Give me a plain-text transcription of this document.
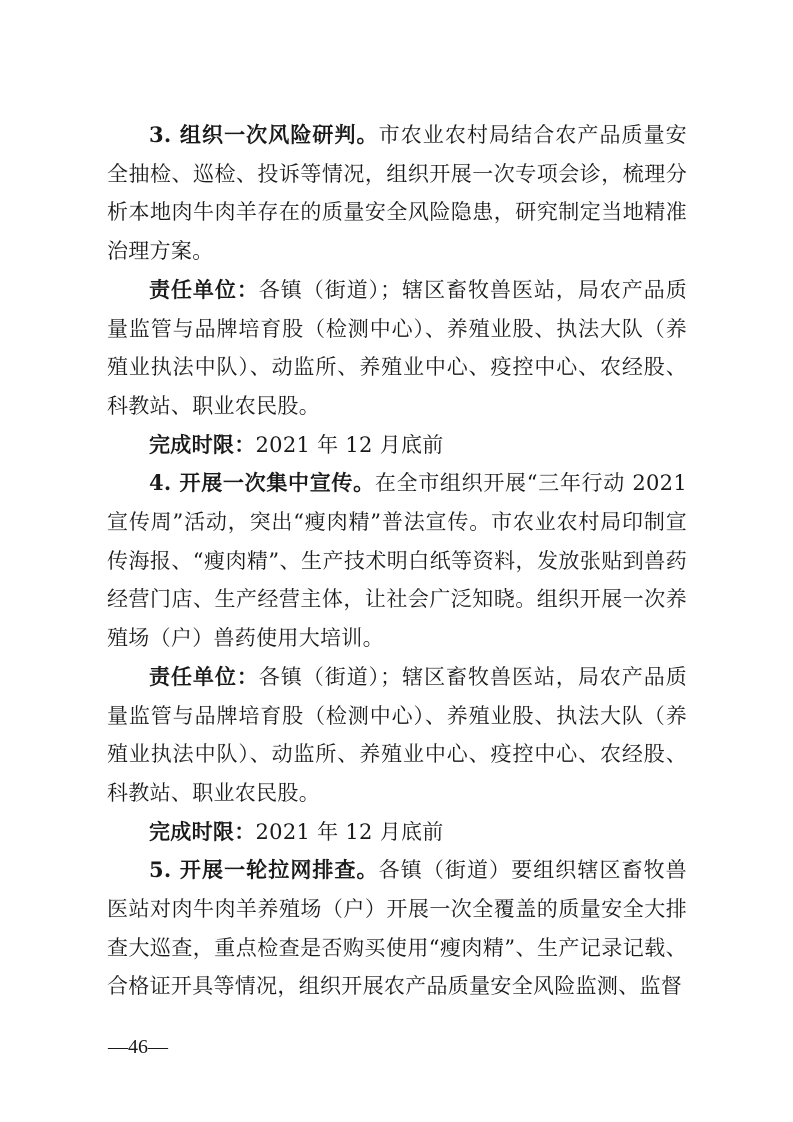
3. 组织一次风险研判。市农业农村局结合农产品质量安全抽检、巡检、投诉等情况，组织开展一次专项会诊，梳理分析本地肉牛肉羊存在的质量安全风险隐患，研究制定当地精准治理方案。

责任单位：各镇（街道）；辖区畜牧兽医站，局农产品质量监管与品牌培育股（检测中心）、养殖业股、执法大队（养殖业执法中队）、动监所、养殖业中心、疫控中心、农经股、科教站、职业农民股。

完成时限：2021 年 12 月底前

4. 开展一次集中宣传。在全市组织开展“三年行动 2021 宣传周”活动，突出“瘦肉精”普法宣传。市农业农村局印制宣传海报、“瘦肉精”、生产技术明白纸等资料，发放张贴到兽药经营门店、生产经营主体，让社会广泛知晓。组织开展一次养殖场（户）兽药使用大培训。

责任单位：各镇（街道）；辖区畜牧兽医站，局农产品质量监管与品牌培育股（检测中心）、养殖业股、执法大队（养殖业执法中队）、动监所、养殖业中心、疫控中心、农经股、科教站、职业农民股。

完成时限：2021 年 12 月底前

5. 开展一轮拉网排查。各镇（街道）要组织辖区畜牧兽医站对肉牛肉羊养殖场（户）开展一次全覆盖的质量安全大排查大巡查，重点检查是否购买使用“瘦肉精”、生产记录记载、合格证开具等情况，组织开展农产品质量安全风险监测、监督

—46—
